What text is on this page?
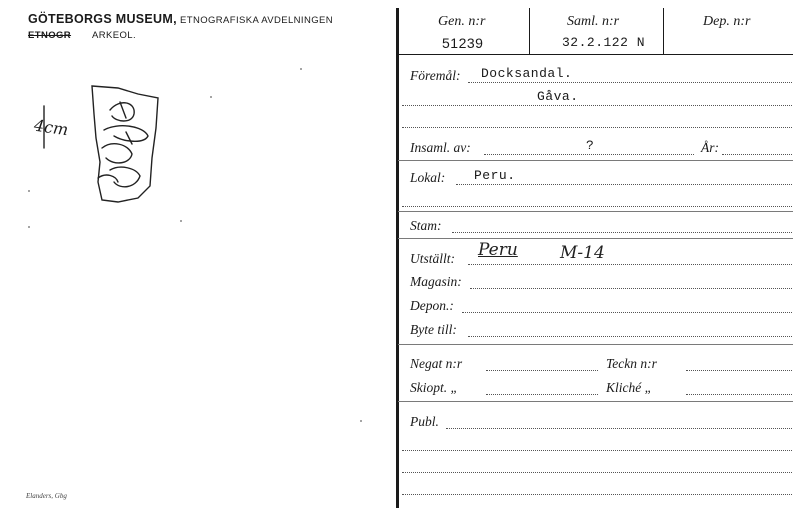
GÖTEBORGS MUSEUM, ETNOGRAFISKA AVDELNINGEN
ETNOGR ARKEOL.
4cm
Elanders, Gbg
Gen. n:r
51239
Saml. n:r
32.2.122 N
Dep. n:r
Föremål: Docksandal.
Gåva.
Insaml. av:	?	År:
Lokal: Peru.
Stam:
Utställt: Peru M-14
Magasin:
Depon.:
Byte till:
Negat n:r	Teckn n:r
Skiopt. „	Kliché „
Publ.
